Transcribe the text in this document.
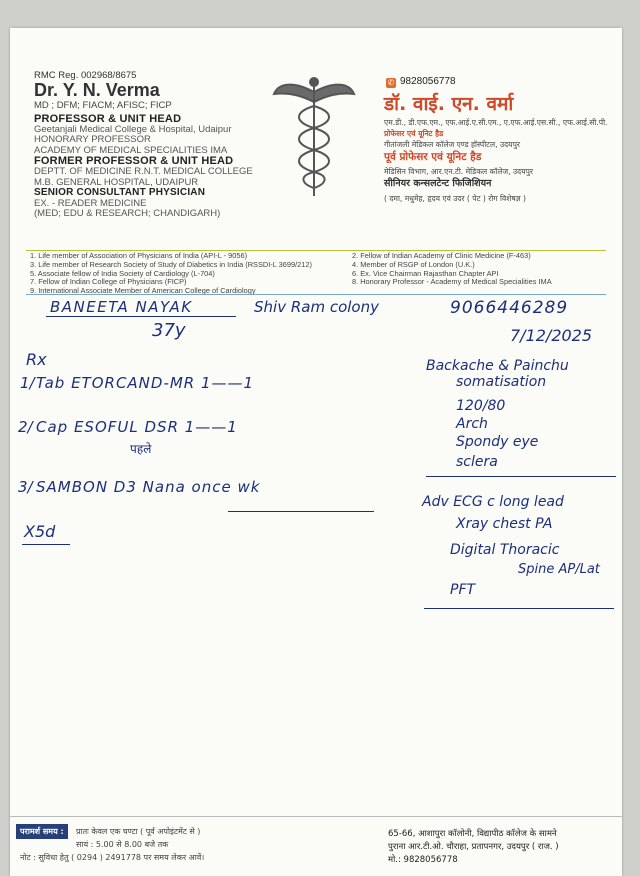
RMC Reg. 002968/8675
Dr. Y. N. Verma
MD ; DFM; FIACM; AFISC; FICP
PROFESSOR & UNIT HEAD
Geetanjali Medical College & Hospital, Udaipur
HONORARY PROFESSOR
ACADEMY OF MEDICAL SPECIALITIES IMA
FORMER PROFESSOR & UNIT HEAD
DEPTT. OF MEDICINE R.N.T. MEDICAL COLLEGE
M.B. GENERAL HOSPITAL, UDAIPUR
SENIOR CONSULTANT PHYSICIAN
EX. - READER MEDICINE
(MED; EDU & RESEARCH; CHANDIGARH)
✆ 9828056778
डॉ. वाई. एन. वर्मा
एम.डी., डी.एफ.एम., एफ.आई.ए.सी.एम., ए.एफ.आई.एस.सी., एफ.आई.सी.पी.
प्रोफेसर एवं यूनिट हैड
गीतांजली मेडिकल कॉलेज एण्ड हॉस्पीटल, उदयपुर
पूर्व प्रोफेसर एवं यूनिट हैड
मेडिसिन विभाग, आर.एन.टी. मेडिकल कॉलेज, उदयपुर
सीनियर कन्सलटेन्ट फिजिशियन
( दमा, मधुमेह, हृदय एवं उदर ( पेट ) रोग विशेषज्ञ )
1. Life member of Association of Physicians of India (API-L - 9056)
3. Life member of Research Society of Study of Diabetics in India (RSSDI-L 3699/212)
5. Associate fellow of India Society of Cardiology (L-704)
7. Fellow of Indian College of Physicians (FICP)
9. International Associate Member of American College of Cardiology
2. Fellow of Indian Academy of Clinic Medicine (F-463)
4. Member of RSGP of London (U.K.)
6. Ex. Vice Chairman Rajasthan Chapter API
8. Honorary Professor - Academy of Medical Specialities IMA
BANEETA NAYAK	Shiv Ram colony	9066446289
37y	7/12/2025
Rx
1/ Tab ETORCAND-MR 1——1
2/ Cap ESOFUL DSR 1——1
पहले
3/ SAMBON D3 Nana once wk
X5d
Backache & Painchu
somatisation
120/80
Arch
Spondy eye
sclera
Adv ECG c long lead
Xray chest PA
Digital Thoracic
Spine AP/Lat
PFT
परामर्श समय :	प्रातः केवल एक घण्टा ( पूर्व अपोइंटमेंट से )
सायं : 5.00 से 8.00 बजे तक
नोट : सुविधा हेतु ( 0294 ) 2491778 पर समय लेकर आवें।
65-66, आशापुरा कॉलोनी, विद्यापीठ कॉलेज के सामने
पुराना आर.टी.ओ. चौराहा, प्रतापनगर, उदयपुर ( राज. )
मो.: 9828056778
